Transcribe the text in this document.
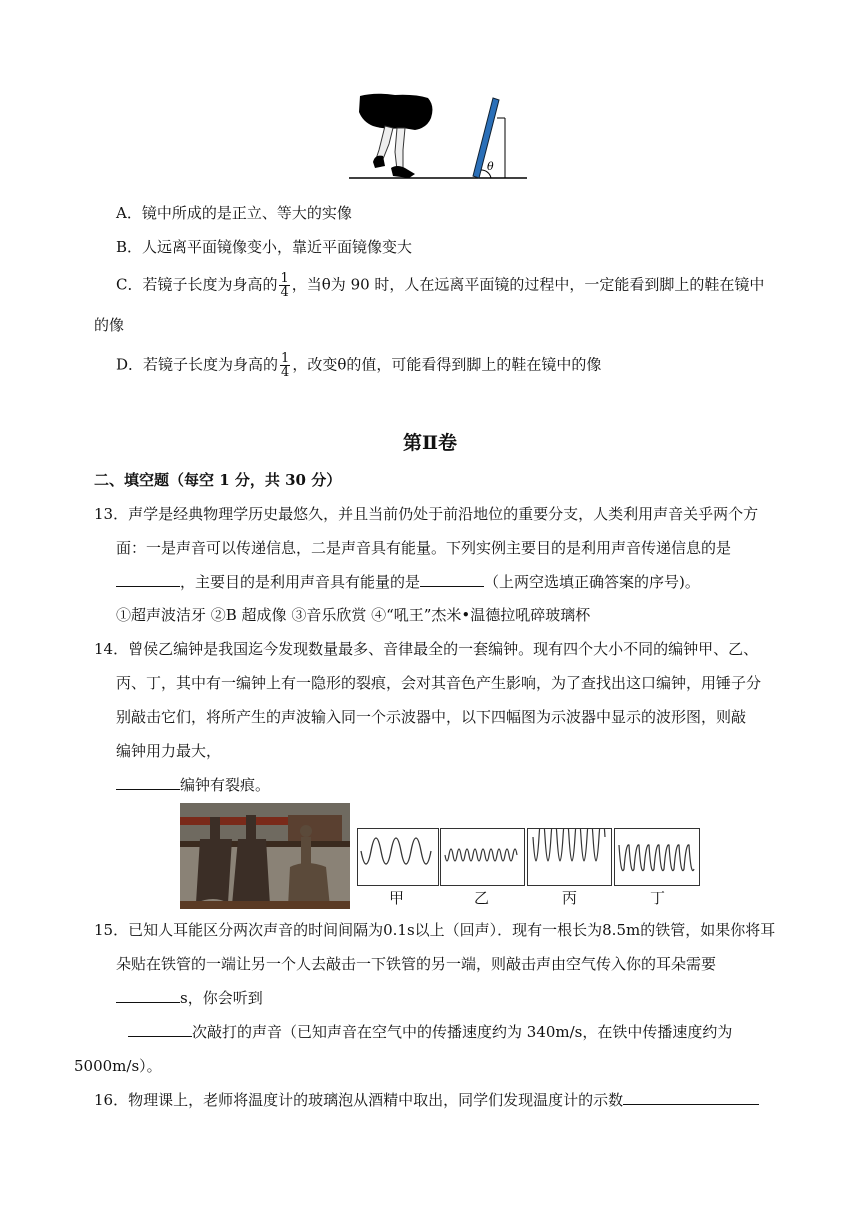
θ
A．镜中所成的是正立、等大的实像
B．人远离平面镜像变小，靠近平面镜像变大
C．若镜子长度为身高的 $\frac{1}{4}$ ，当θ为 90 时，人在远离平面镜的过程中，一定能看到脚上的鞋在镜中
的像
D．若镜子长度为身高的 $\frac{1}{4}$ ，改变θ的值，可能看得到脚上的鞋在镜中的像
第Ⅱ卷
二、填空题（每空 1 分，共 30 分）
13．声学是经典物理学历史最悠久，并且当前仍处于前沿地位的重要分支，人类利用声音关乎两个方
面：一是声音可以传递信息，二是声音具有能量。下列实例主要目的是利用声音传递信息的是
，主要目的是利用声音具有能量的是	（上两空选填正确答案的序号)。
①超声波洁牙 ②B 超成像 ③音乐欣赏 ④“吼王”杰米•温德拉吼碎玻璃杯
14．曾侯乙编钟是我国迄今发现数量最多、音律最全的一套编钟。现有四个大小不同的编钟甲、乙、
丙、丁，其中有一编钟上有一隐形的裂痕，会对其音色产生影响，为了查找出这口编钟，用锤子分
别敲击它们，将所产生的声波输入同一个示波器中，以下四幅图为示波器中显示的波形图，则敲
编钟用力最大，
编钟有裂痕。
甲	乙	丙	丁
15．已知人耳能区分两次声音的时间间隔为0.1s以上（回声）．现有一根长为8.5m的铁管，如果你将耳
朵贴在铁管的一端让另一个人去敲击一下铁管的另一端，则敲击声由空气传入你的耳朵需要
s，你会听到
次敲打的声音（已知声音在空气中的传播速度约为 340m/s，在铁中传播速度约为
5000m/s）。
16．物理课上，老师将温度计的玻璃泡从酒精中取出，同学们发现温度计的示数
